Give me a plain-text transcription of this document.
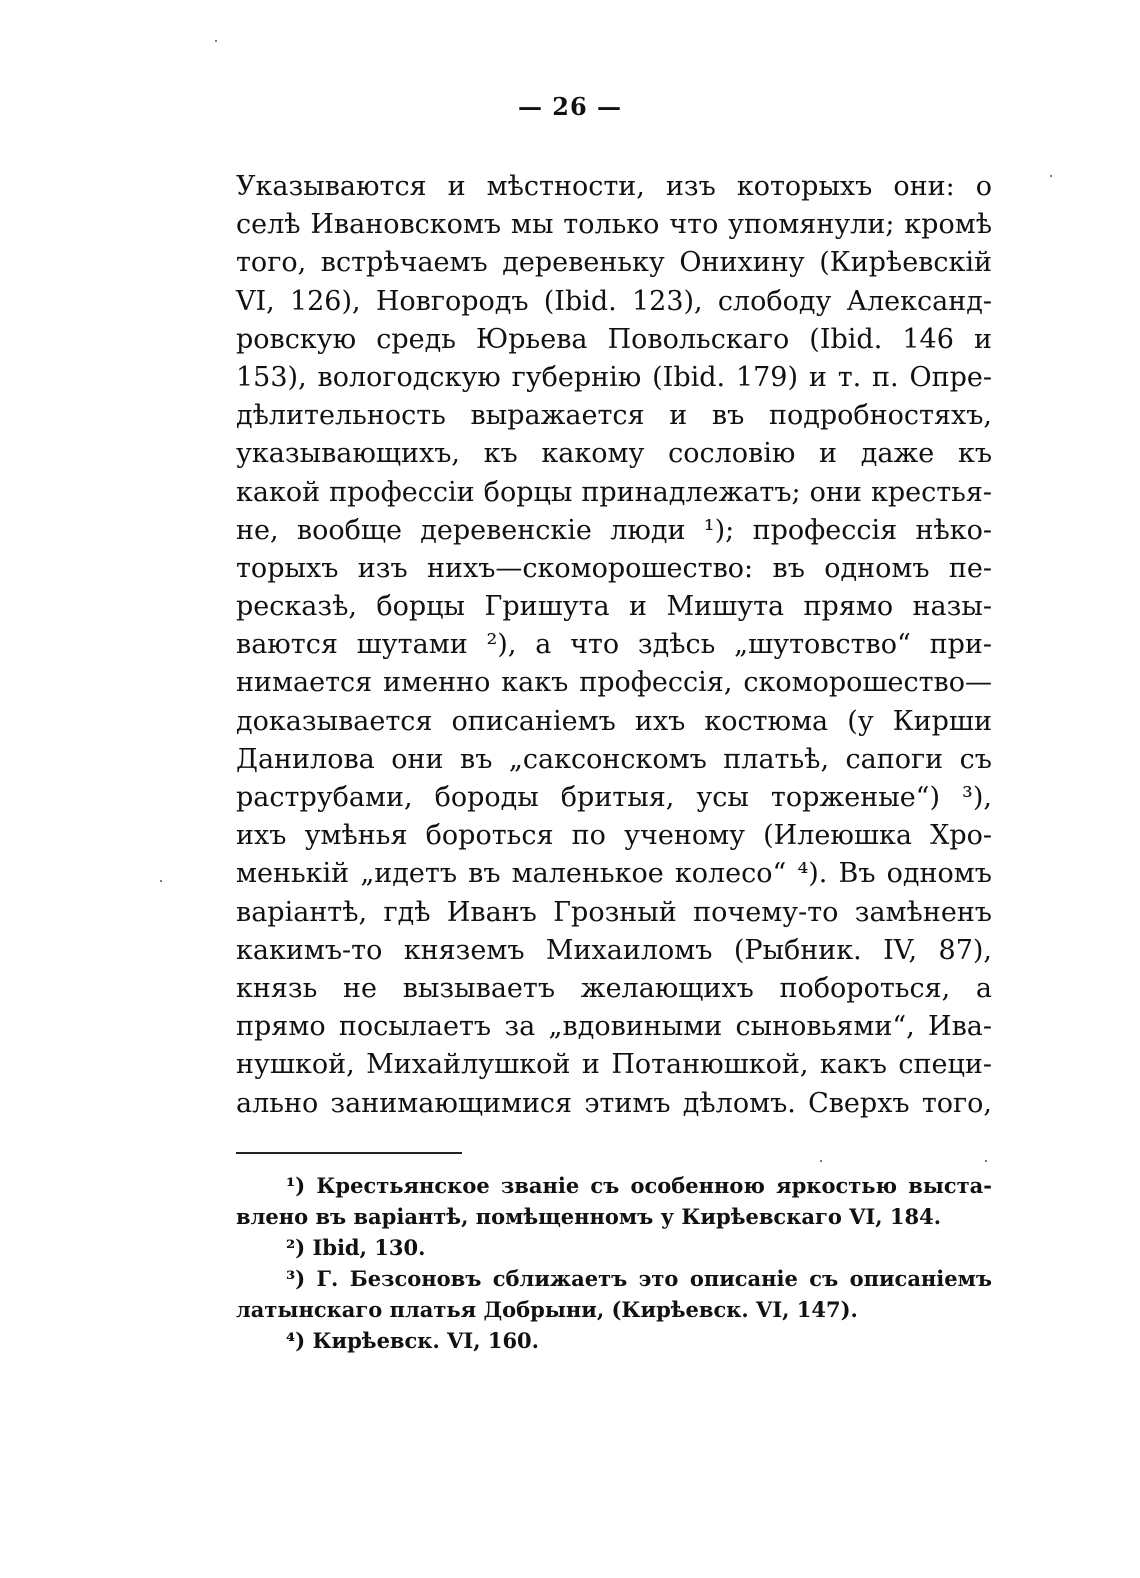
— 26 —
Указываются и мѣстности, изъ которыхъ они: о
селѣ Ивановскомъ мы только что упомянули; кромѣ
того, встрѣчаемъ деревеньку Онихину (Кирѣевскій
VI, 126), Новгородъ (Ibid. 123), слободу Александ-
ровскую средь Юрьева Повольскаго (Ibid. 146 и
153), вологодскую губернію (Ibid. 179) и т. п. Опре-
дѣлительность выражается и въ подробностяхъ,
указывающихъ, къ какому сословію и даже къ
какой профессіи борцы принадлежатъ; они крестья-
не, вообще деревенскіе люди ¹); профессія нѣко-
торыхъ изъ нихъ—скоморошество: въ одномъ пе-
ресказѣ, борцы Гришута и Мишута прямо назы-
ваются шутами ²), а что здѣсь „шутовство“ при-
нимается именно какъ профессія, скоморошество—
доказывается описаніемъ ихъ костюма (у Кирши
Данилова они въ „саксонскомъ платьѣ, сапоги съ
раструбами, бороды бритыя, усы торженые“) ³),
ихъ умѣнья бороться по ученому (Илеюшка Хро-
менькій „идетъ въ маленькое колесо“ ⁴). Въ одномъ
варіантѣ, гдѣ Иванъ Грозный почему-то замѣненъ
какимъ-то княземъ Михаиломъ (Рыбник. IV, 87),
князь не вызываетъ желающихъ побороться, а
прямо посылаетъ за „вдовиными сыновьями“, Ива-
нушкой, Михайлушкой и Потанюшкой, какъ специ-
ально занимающимися этимъ дѣломъ. Сверхъ того,
¹) Крестьянское званіе съ особенною яркостью выста-
влено въ варіантѣ, помѣщенномъ у Кирѣевскаго VI, 184.
²) Ibid, 130.
³) Г. Безсоновъ сближаетъ это описаніе съ описаніемъ
латынскаго платья Добрыни, (Кирѣевск. VI, 147).
⁴) Кирѣевск. VI, 160.
